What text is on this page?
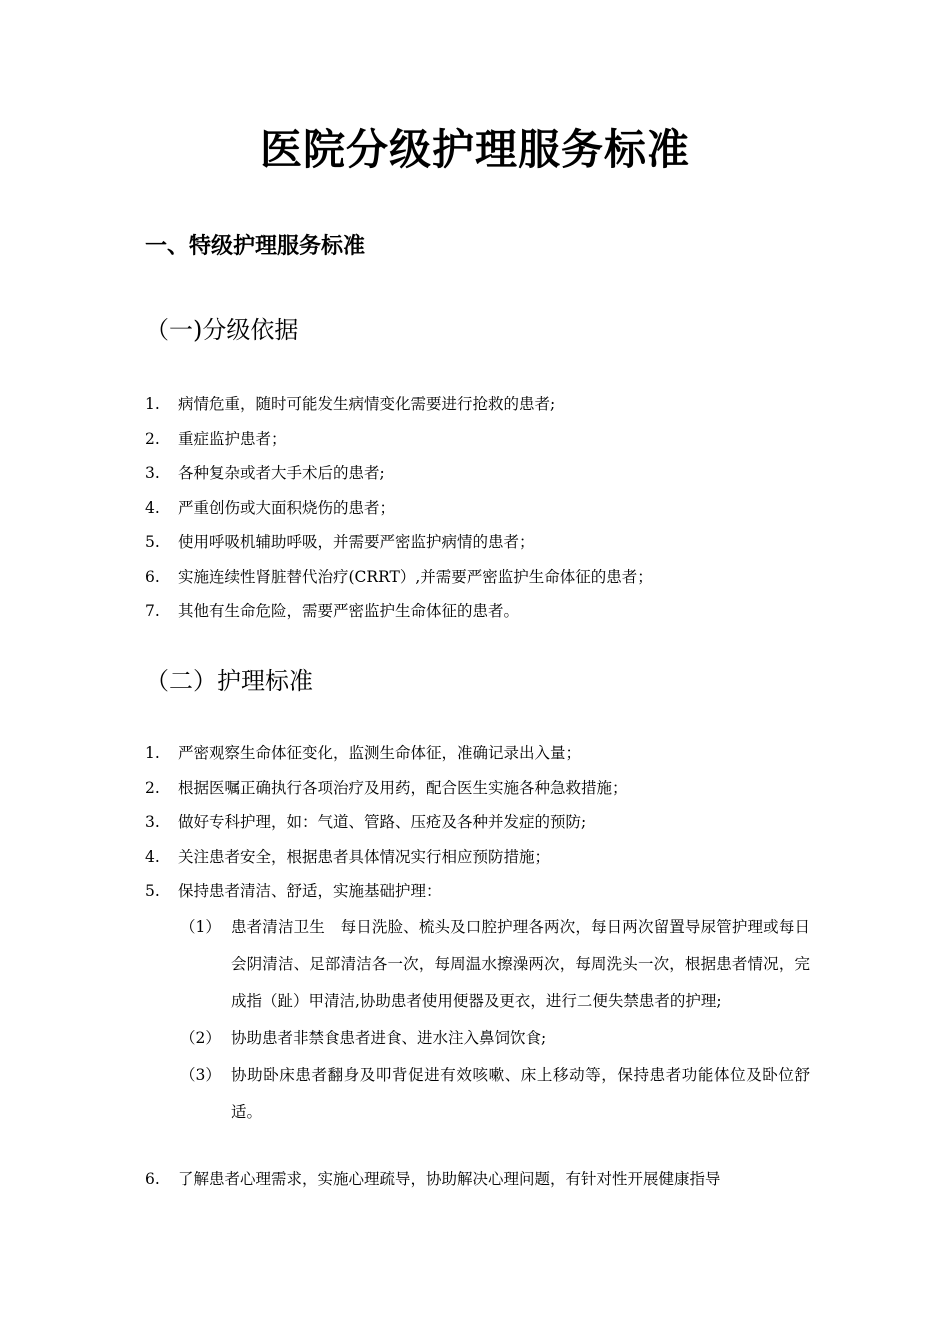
医院分级护理服务标准
一、特级护理服务标准
（一)分级依据
1.	病情危重，随时可能发生病情变化需要进行抢救的患者;
2.	重症监护患者；
3.	各种复杂或者大手术后的患者;
4.	严重创伤或大面积烧伤的患者；
5.	使用呼吸机辅助呼吸，并需要严密监护病情的患者；
6.	实施连续性肾脏替代治疗(CRRT）,并需要严密监护生命体征的患者；
7.	其他有生命危险，需要严密监护生命体征的患者。
（二）护理标准
1.	严密观察生命体征变化，监测生命体征，准确记录出入量；
2.	根据医嘱正确执行各项治疗及用药，配合医生实施各种急救措施；
3.	做好专科护理，如：气道、管路、压疮及各种并发症的预防;
4.	关注患者安全，根据患者具体情况实行相应预防措施；
5.	保持患者清洁、舒适，实施基础护理：
（1） 患者清洁卫生　每日洗脸、梳头及口腔护理各两次，每日两次留置导尿管护理或每日会阴清洁、足部清洁各一次，每周温水擦澡两次，每周洗头一次，根据患者情况，完成指（趾）甲清洁,协助患者使用便器及更衣，进行二便失禁患者的护理;
（2） 协助患者非禁食患者进食、进水注入鼻饲饮食;
（3） 协助卧床患者翻身及叩背促进有效咳嗽、床上移动等，保持患者功能体位及卧位舒适。
6. 了解患者心理需求，实施心理疏导，协助解决心理问题，有针对性开展健康指导
